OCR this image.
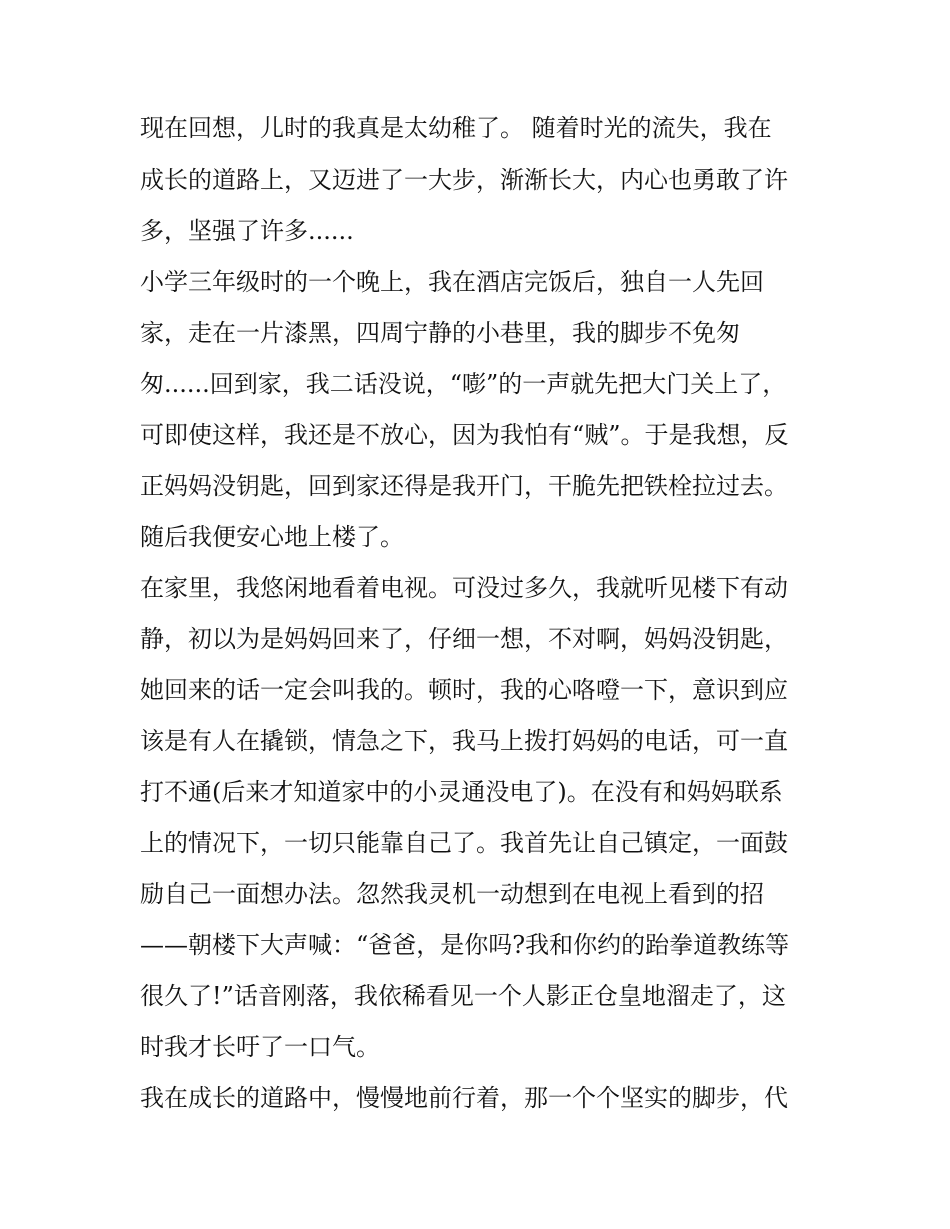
现在回想，儿时的我真是太幼稚了。 随着时光的流失，我在
成长的道路上，又迈进了一大步，渐渐长大，内心也勇敢了许
多，坚强了许多......
小学三年级时的一个晚上，我在酒店完饭后，独自一人先回
家，走在一片漆黑，四周宁静的小巷里，我的脚步不免匆
匆......回到家，我二话没说，“嘭”的一声就先把大门关上了，
可即使这样，我还是不放心，因为我怕有“贼”。于是我想，反
正妈妈没钥匙，回到家还得是我开门，干脆先把铁栓拉过去。
随后我便安心地上楼了。
在家里，我悠闲地看着电视。可没过多久，我就听见楼下有动
静，初以为是妈妈回来了，仔细一想，不对啊，妈妈没钥匙，
她回来的话一定会叫我的。顿时，我的心咯噔一下，意识到应
该是有人在撬锁，情急之下，我马上拨打妈妈的电话，可一直
打不通(后来才知道家中的小灵通没电了)。在没有和妈妈联系
上的情况下，一切只能靠自己了。我首先让自己镇定，一面鼓
励自己一面想办法。忽然我灵机一动想到在电视上看到的招
——朝楼下大声喊：“爸爸，是你吗?我和你约的跆拳道教练等
很久了!”话音刚落，我依稀看见一个人影正仓皇地溜走了，这
时我才长吁了一口气。
我在成长的道路中，慢慢地前行着，那一个个坚实的脚步，代
